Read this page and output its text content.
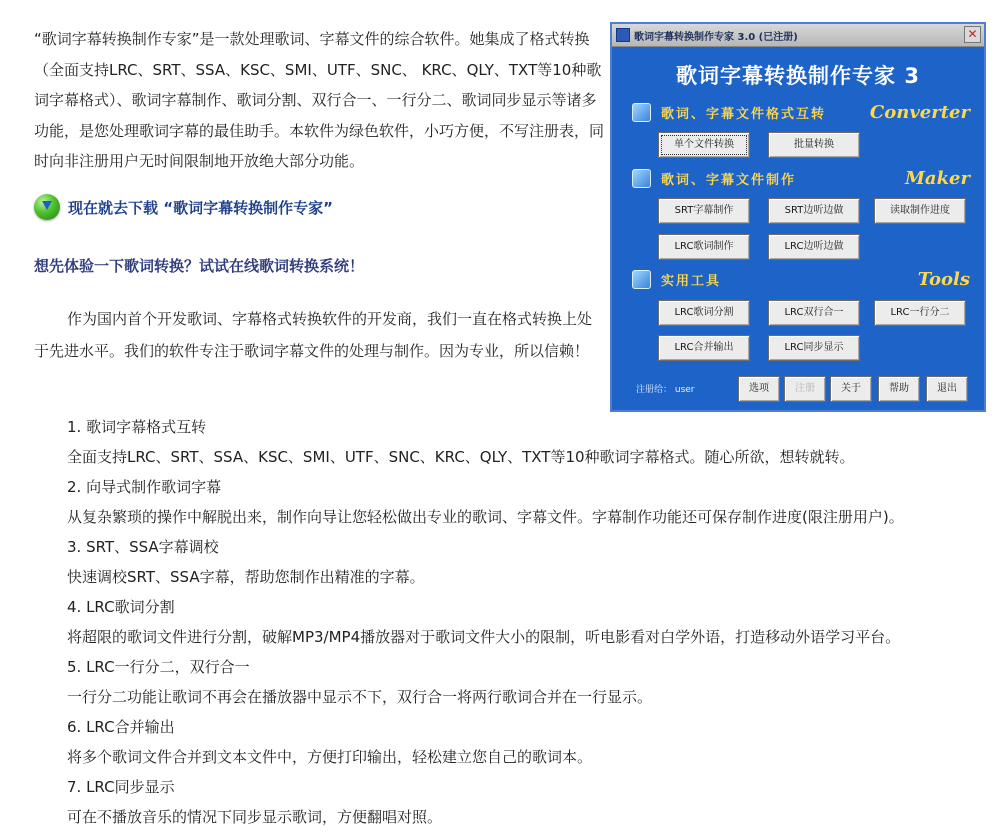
“歌词字幕转换制作专家”是一款处理歌词、字幕文件的综合软件。她集成了格式转换（全面支持LRC、SRT、SSA、KSC、SMI、UTF、SNC、 KRC、QLY、TXT等10种歌词字幕格式）、歌词字幕制作、歌词分割、双行合一、一行分二、歌词同步显示等诸多功能，是您处理歌词字幕的最佳助手。本软件为绿色软件，小巧方便，不写注册表，同时向非注册用户无时间限制地开放绝大部分功能。

现在就去下载 “歌词字幕转换制作专家”
想先体验一下歌词转换？试试在线歌词转换系统！

作为国内首个开发歌词、字幕格式转换软件的开发商，我们一直在格式转换上处于先进水平。我们的软件专注于歌词字幕文件的处理与制作。因为专业，所以信赖！

1. 歌词字幕格式互转
全面支持LRC、SRT、SSA、KSC、SMI、UTF、SNC、KRC、QLY、TXT等10种歌词字幕格式。随心所欲，想转就转。
2. 向导式制作歌词字幕
从复杂繁琐的操作中解脱出来，制作向导让您轻松做出专业的歌词、字幕文件。字幕制作功能还可保存制作进度(限注册用户)。
3. SRT、SSA字幕调校
快速调校SRT、SSA字幕，帮助您制作出精准的字幕。
4. LRC歌词分割
将超限的歌词文件进行分割，破解MP3/MP4播放器对于歌词文件大小的限制，听电影看对白学外语，打造移动外语学习平台。
5. LRC一行分二，双行合一
一行分二功能让歌词不再会在播放器中显示不下，双行合一将两行歌词合并在一行显示。
6. LRC合并输出
将多个歌词文件合并到文本文件中，方便打印输出，轻松建立您自己的歌词本。
7. LRC同步显示
可在不播放音乐的情况下同步显示歌词，方便翻唱对照。
歌词字幕转换制作专家 3.0 (已注册)	✕
歌词字幕转换制作专家 3
歌词、字幕文件格式互转 Converter
单个文件转换	批量转换
歌词、字幕文件制作	Maker
SRT字幕制作	SRT边听边做	读取制作进度
LRC歌词制作	LRC边听边做
实用工具	Tools
LRC歌词分割	LRC双行合一	LRC一行分二
LRC合并输出	LRC同步显示
注册给： user	选项	注册	关于	帮助	退出
